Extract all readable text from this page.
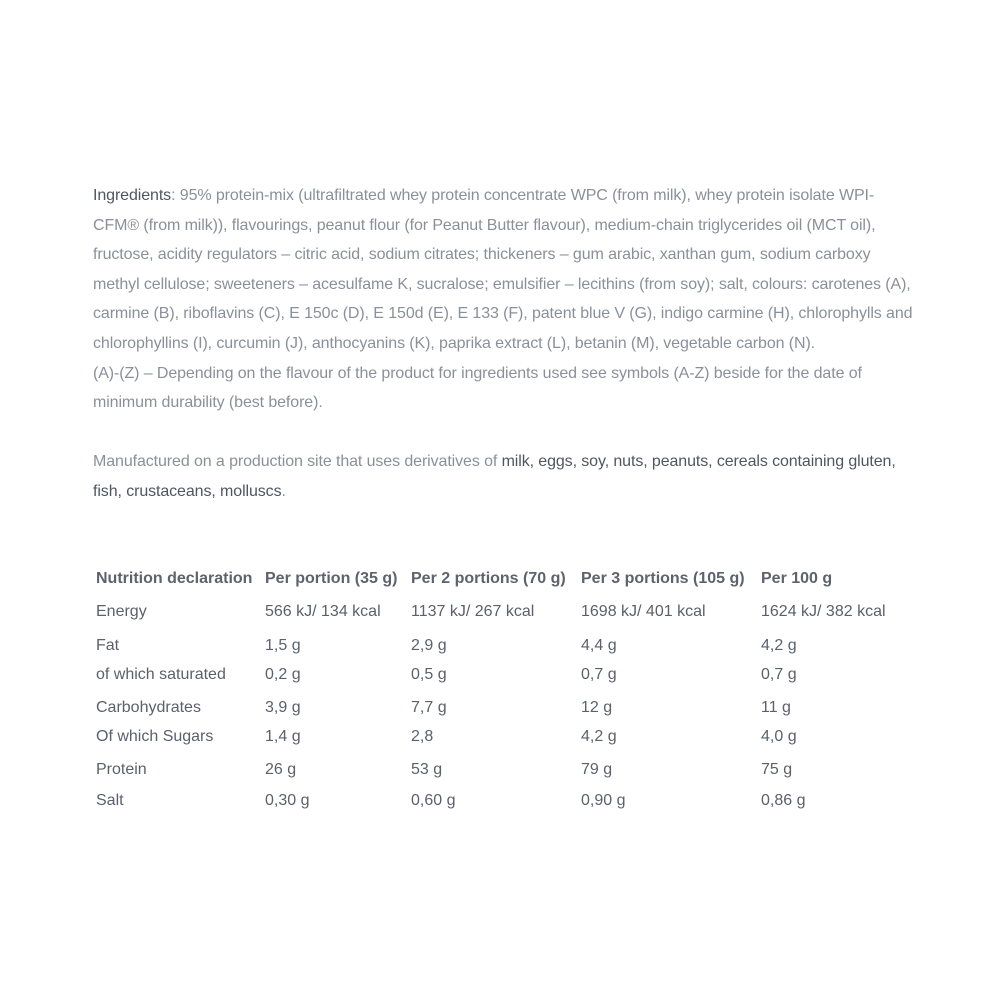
Ingredients: 95% protein-mix (ultrafiltrated whey protein concentrate WPC (from milk), whey protein isolate WPI-CFM® (from milk)), flavourings, peanut flour (for Peanut Butter flavour), medium-chain triglycerides oil (MCT oil), fructose, acidity regulators – citric acid, sodium citrates; thickeners – gum arabic, xanthan gum, sodium carboxy methyl cellulose; sweeteners – acesulfame K, sucralose; emulsifier – lecithins (from soy); salt, colours: carotenes (A), carmine (B), riboflavins (C), E 150c (D), E 150d (E), E 133 (F), patent blue V (G), indigo carmine (H), chlorophylls and chlorophyllins (I), curcumin (J), anthocyanins (K), paprika extract (L), betanin (M), vegetable carbon (N).
(A)-(Z) – Depending on the flavour of the product for ingredients used see symbols (A-Z) beside for the date of minimum durability (best before).

Manufactured on a production site that uses derivatives of milk, eggs, soy, nuts, peanuts, cereals containing gluten, fish, crustaceans, molluscs.

Nutrition declaration	Per portion (35 g)	Per 2 portions (70 g)	Per 3 portions (105 g)	Per 100 g
Energy	566 kJ/ 134 kcal	1137 kJ/ 267 kcal	1698 kJ/ 401 kcal	1624 kJ/ 382 kcal
Fat	1,5 g	2,9 g	4,4 g	4,2 g
of which saturated	0,2 g	0,5 g	0,7 g	0,7 g
Carbohydrates	3,9 g	7,7 g	12 g	11 g
Of which Sugars	1,4 g	2,8	4,2 g	4,0 g
Protein	26 g	53 g	79 g	75 g
Salt	0,30 g	0,60 g	0,90 g	0,86 g
